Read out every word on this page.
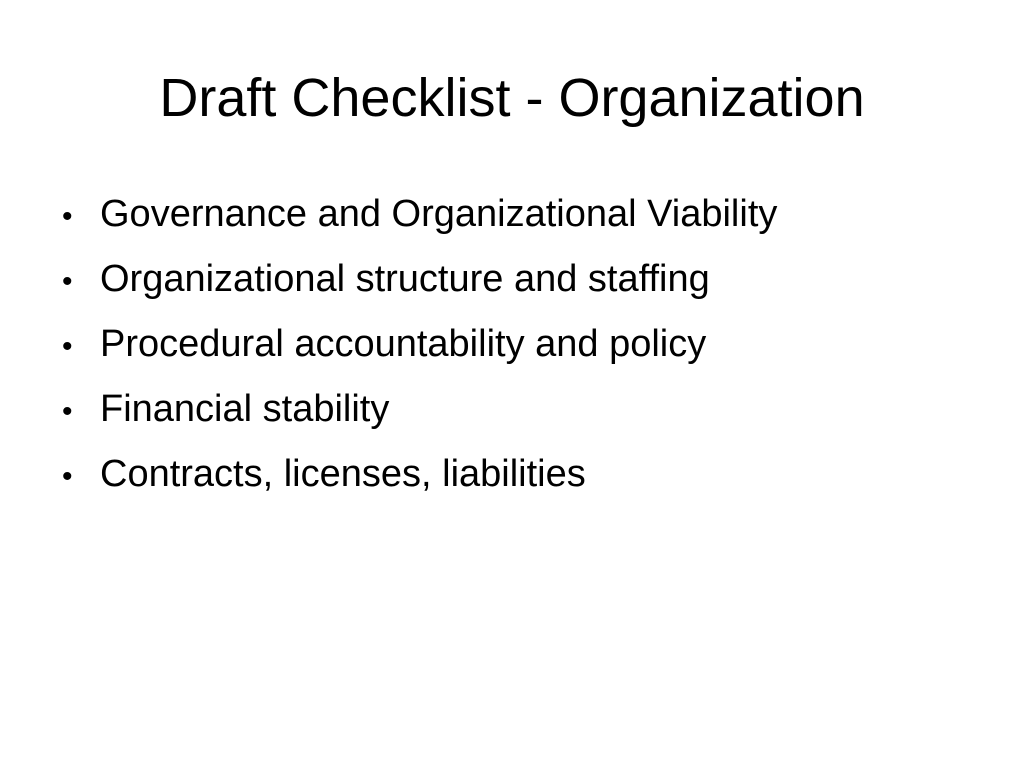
Draft Checklist - Organization
• Governance and Organizational Viability
• Organizational structure and staffing
• Procedural accountability and policy
• Financial stability
• Contracts, licenses, liabilities
